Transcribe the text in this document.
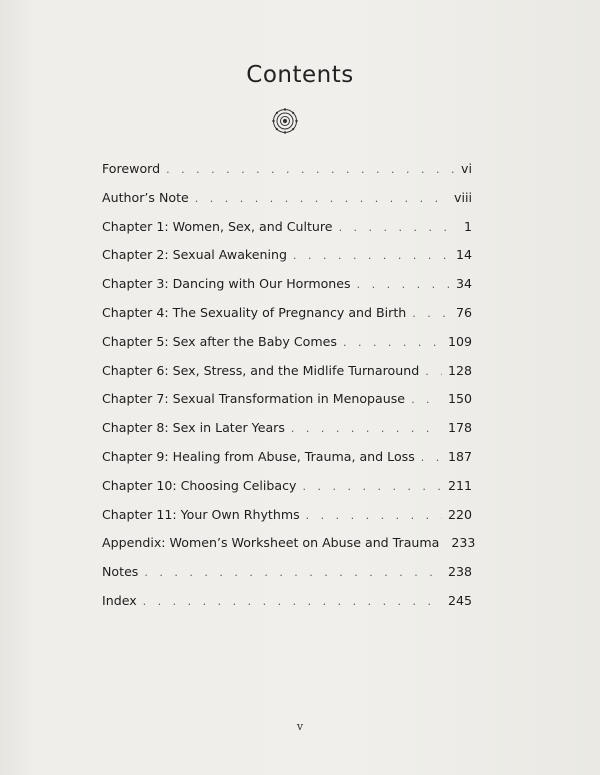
Contents
Foreword . . .	vi
Author’s Note . . .	viii
Chapter 1: Women, Sex, and Culture . . .	1
Chapter 2: Sexual Awakening . . .	14
Chapter 3: Dancing with Our Hormones . . .	34
Chapter 4: The Sexuality of Pregnancy and Birth . . .	76
Chapter 5: Sex after the Baby Comes . . .	109
Chapter 6: Sex, Stress, and the Midlife Turnaround . . . 128
Chapter 7: Sexual Transformation in Menopause . . .	150
Chapter 8: Sex in Later Years . . .	178
Chapter 9: Healing from Abuse, Trauma, and Loss . . .	187
Chapter 10: Choosing Celibacy . . .	211
Chapter 11: Your Own Rhythms . . .	220
Appendix: Women’s Worksheet on Abuse and Trauma 233
Notes . . .	238
Index . . .	245
v
